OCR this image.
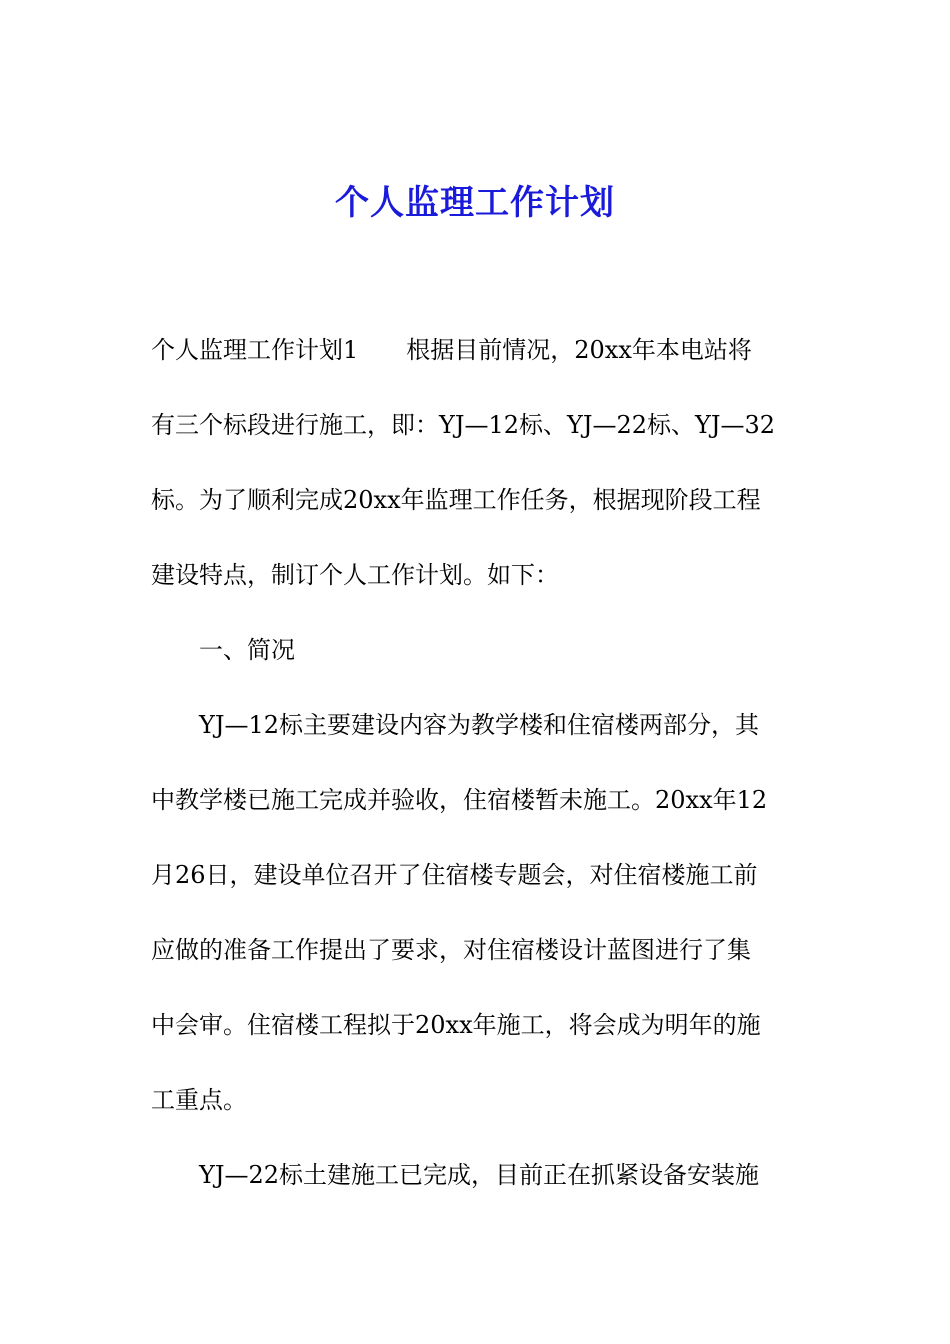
个人监理工作计划
个人监理工作计划1　　根据目前情况，20xx年本电站将
有三个标段进行施工，即：YJ—12标、YJ—22标、YJ—32
标。为了顺利完成20xx年监理工作任务，根据现阶段工程
建设特点，制订个人工作计划。如下：
　　一、简况
　　YJ—12标主要建设内容为教学楼和住宿楼两部分，其
中教学楼已施工完成并验收，住宿楼暂未施工。20xx年12
月26日，建设单位召开了住宿楼专题会，对住宿楼施工前
应做的准备工作提出了要求，对住宿楼设计蓝图进行了集
中会审。住宿楼工程拟于20xx年施工，将会成为明年的施
工重点。
　　YJ—22标土建施工已完成，目前正在抓紧设备安装施
